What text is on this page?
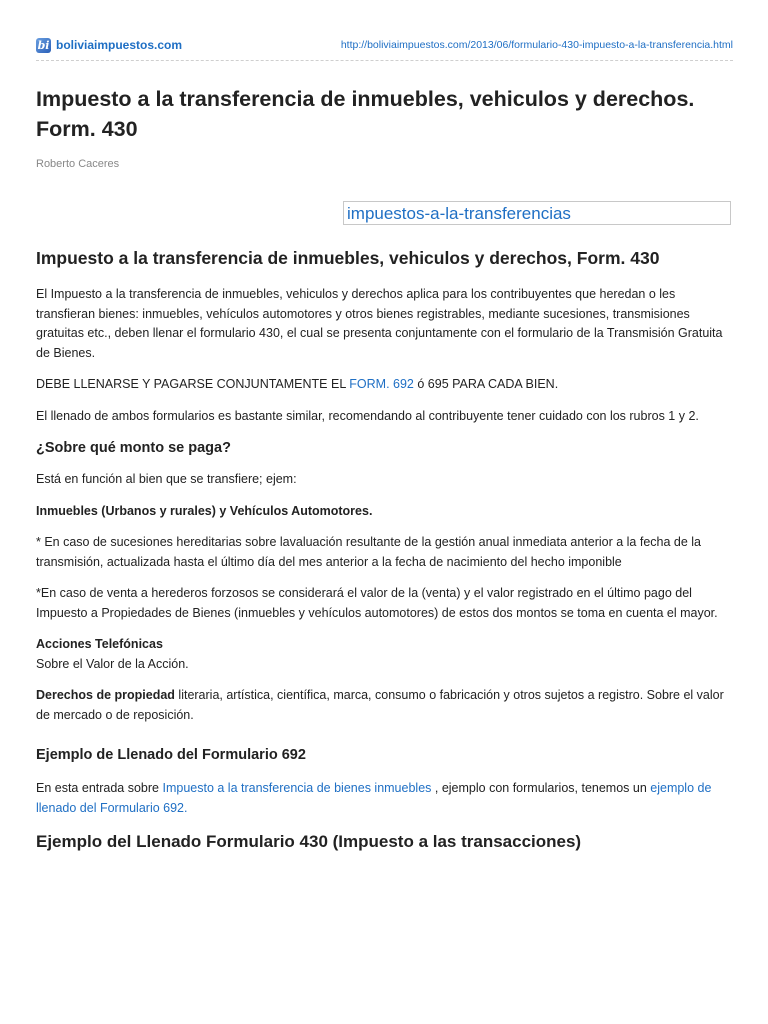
bi boliviaimpuestos.com	http://boliviaimpuestos.com/2013/06/formulario-430-impuesto-a-la-transferencia.html
Impuesto a la transferencia de inmuebles, vehiculos y derechos. Form. 430
Roberto Caceres
impuestos-a-la-transferencias
Impuesto a la transferencia de inmuebles, vehiculos y derechos, Form. 430

El Impuesto a la transferencia de inmuebles, vehiculos y derechos aplica para los contribuyentes que heredan o les transfieran bienes: inmuebles, vehículos automotores y otros bienes registrables, mediante sucesiones, transmisiones gratuitas etc., deben llenar el formulario 430, el cual se presenta conjuntamente con el formulario de la Transmisión Gratuita de Bienes.

DEBE LLENARSE Y PAGARSE CONJUNTAMENTE EL FORM. 692 ó 695 PARA CADA BIEN.

El llenado de ambos formularios es bastante similar, recomendando al contribuyente tener cuidado con los rubros 1 y 2.

¿Sobre qué monto se paga?

Está en función al bien que se transfiere; ejem:

Inmuebles (Urbanos y rurales) y Vehículos Automotores.

* En caso de sucesiones hereditarias sobre lavaluación resultante de la gestión anual inmediata anterior a la fecha de la transmisión, actualizada hasta el último día del mes anterior a la fecha de nacimiento del hecho imponible

*En caso de venta a herederos forzosos se considerará el valor de la (venta) y el valor registrado en el último pago del Impuesto a Propiedades de Bienes (inmuebles y vehículos automotores) de estos dos montos se toma en cuenta el mayor.

Acciones Telefónicas
Sobre el Valor de la Acción.

Derechos de propiedad literaria, artística, científica, marca, consumo o fabricación y otros sujetos a registro. Sobre el valor de mercado o de reposición.

Ejemplo de Llenado del Formulario 692

En esta entrada sobre Impuesto a la transferencia de bienes inmuebles , ejemplo con formularios, tenemos un ejemplo de llenado del Formulario 692.

Ejemplo del Llenado Formulario 430 (Impuesto a las transacciones)
